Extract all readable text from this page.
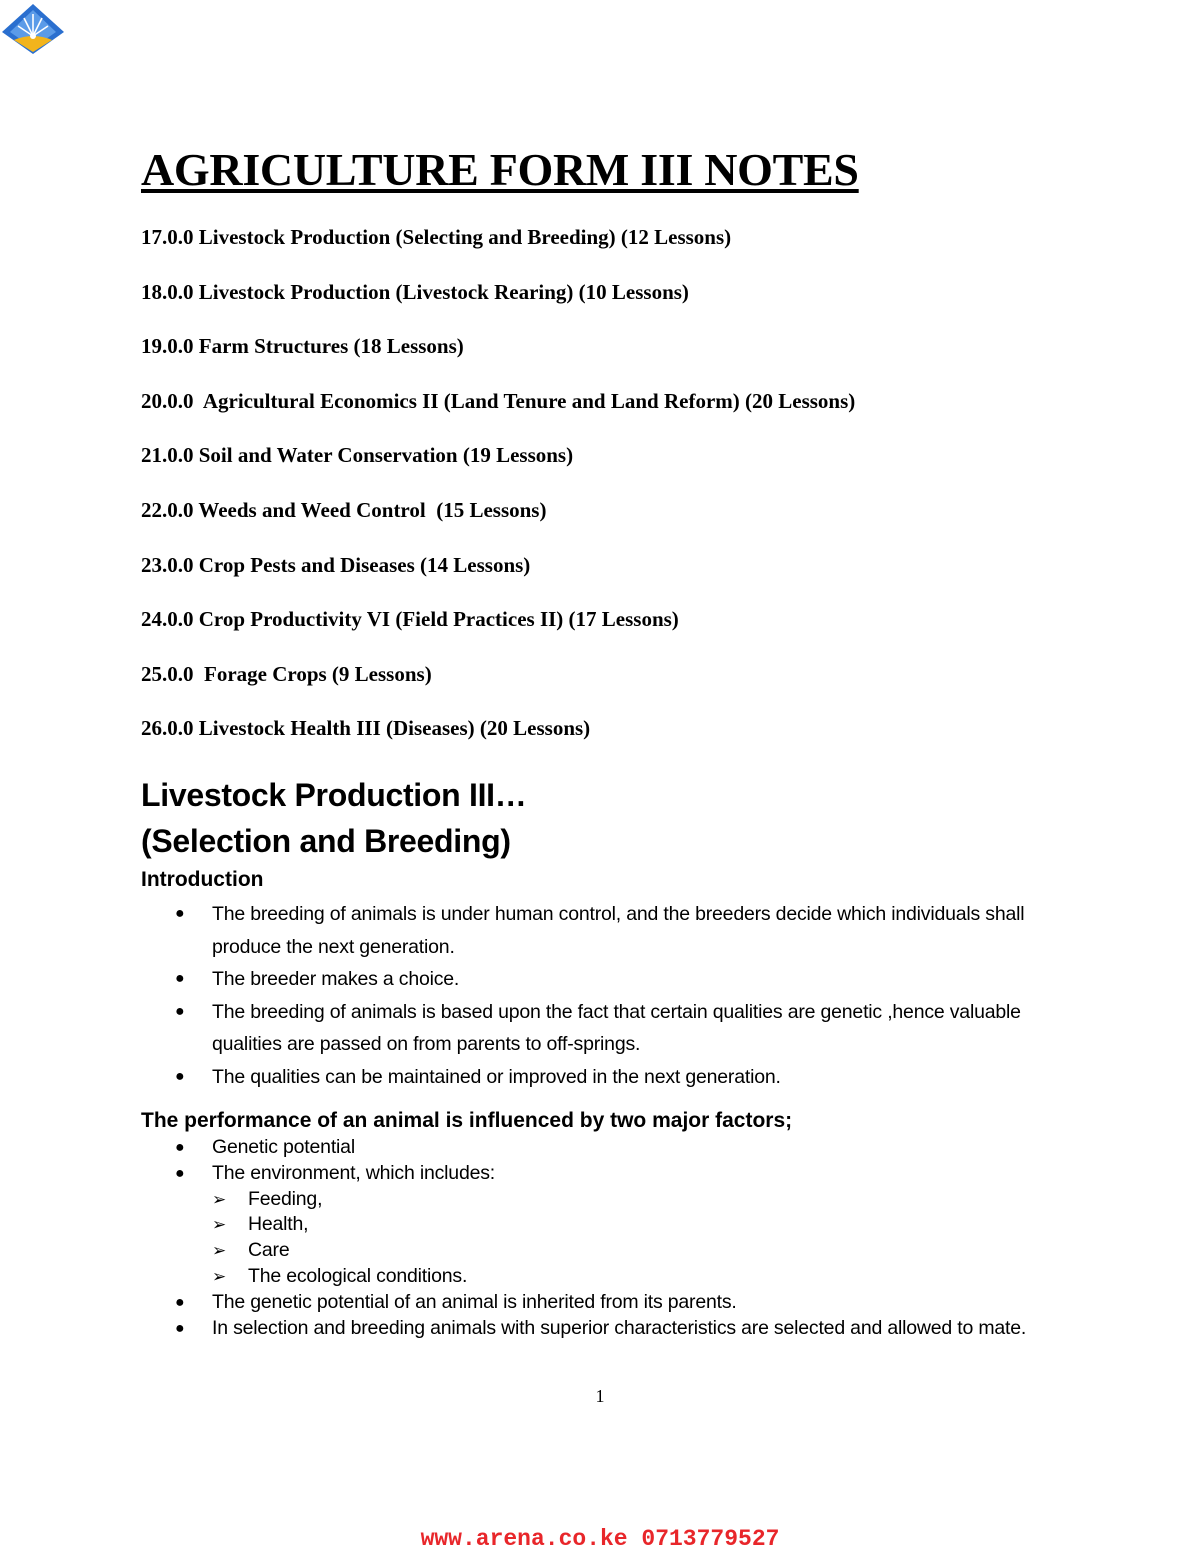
AGRICULTURE FORM III NOTES

17.0.0 Livestock Production (Selecting and Breeding) (12 Lessons)

18.0.0 Livestock Production (Livestock Rearing) (10 Lessons)

19.0.0 Farm Structures (18 Lessons)

20.0.0  Agricultural Economics II (Land Tenure and Land Reform) (20 Lessons)

21.0.0 Soil and Water Conservation (19 Lessons)

22.0.0 Weeds and Weed Control  (15 Lessons)

23.0.0 Crop Pests and Diseases (14 Lessons)

24.0.0 Crop Productivity VI (Field Practices II) (17 Lessons)

25.0.0  Forage Crops (9 Lessons)

26.0.0 Livestock Health III (Diseases) (20 Lessons)

Livestock Production III…
(Selection and Breeding)
Introduction
● The breeding of animals is under human control, and the breeders decide which individuals shall produce the next generation.
● The breeder makes a choice.
● The breeding of animals is based upon the fact that certain qualities are genetic ,hence valuable qualities are passed on from parents to off-springs.
● The qualities can be maintained or improved in the next generation.
The performance of an animal is influenced by two major factors;
● Genetic potential
● The environment, which includes:
➢ Feeding,
➢ Health,
➢ Care
➢ The ecological conditions.
● The genetic potential of an animal is inherited from its parents.
● In selection and breeding animals with superior characteristics are selected and allowed to mate.
1
www.arena.co.ke 0713779527
